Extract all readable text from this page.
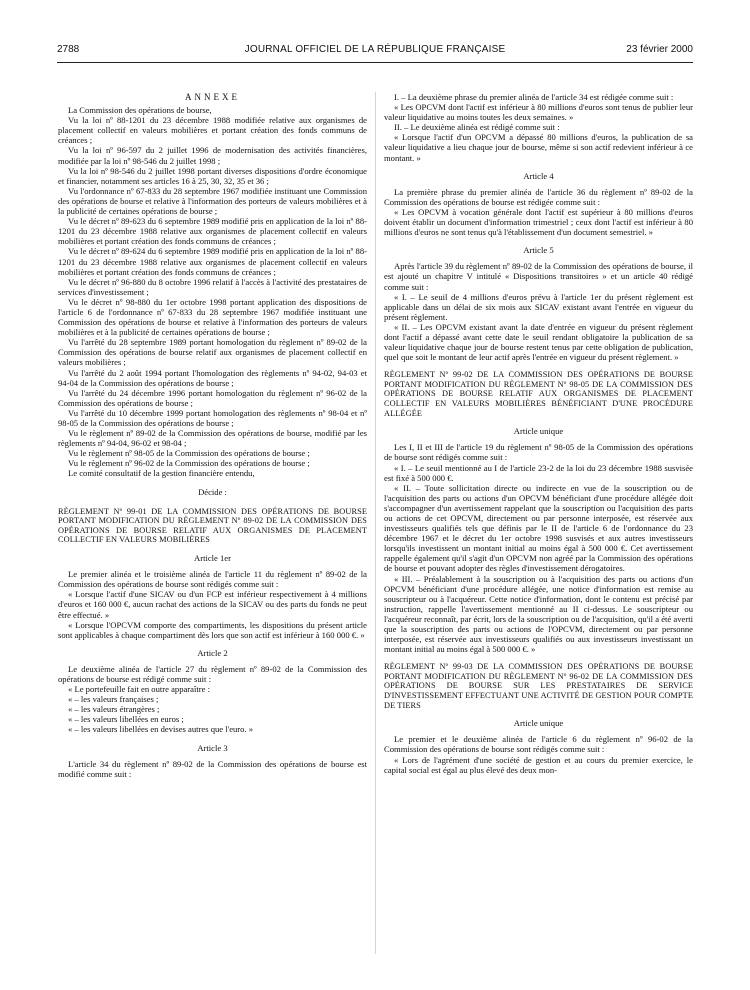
2788	JOURNAL OFFICIEL DE LA RÉPUBLIQUE FRANÇAISE	23 février 2000
ANNEXE

La Commission des opérations de bourse,

Vu la loi nº 88-1201 du 23 décembre 1988 modifiée relative aux organismes de placement collectif en valeurs mobilières et portant création des fonds communs de créances ;

Vu la loi nº 96-597 du 2 juillet 1996 de modernisation des activités financières, modifiée par la loi nº 98-546 du 2 juillet 1998 ;

Vu la loi nº 98-546 du 2 juillet 1998 portant diverses dispositions d'ordre économique et financier, notamment ses articles 16 à 25, 30, 32, 35 et 36 ;

Vu l'ordonnance nº 67-833 du 28 septembre 1967 modifiée instituant une Commission des opérations de bourse et relative à l'information des porteurs de valeurs mobilières et à la publicité de certaines opérations de bourse ;

Vu le décret nº 89-623 du 6 septembre 1989 modifié pris en application de la loi nº 88-1201 du 23 décembre 1988 relative aux organismes de placement collectif en valeurs mobilières et portant création des fonds communs de créances ;

Vu le décret nº 89-624 du 6 septembre 1989 modifié pris en application de la loi nº 88-1201 du 23 décembre 1988 relative aux organismes de placement collectif en valeurs mobilières et portant création des fonds communs de créances ;

Vu le décret nº 96-880 du 8 octobre 1996 relatif à l'accès à l'activité des prestataires de services d'investissement ;

Vu le décret nº 98-880 du 1er octobre 1998 portant application des dispositions de l'article 6 de l'ordonnance nº 67-833 du 28 septembre 1967 modifiée instituant une Commission des opérations de bourse et relative à l'information des porteurs de valeurs mobilières et à la publicité de certaines opérations de bourse ;

Vu l'arrêté du 28 septembre 1989 portant homologation du règlement nº 89-02 de la Commission des opérations de bourse relatif aux organismes de placement collectif en valeurs mobilières ;

Vu l'arrêté du 2 août 1994 portant l'homologation des règlements nº 94-02, 94-03 et 94-04 de la Commission des opérations de bourse ;

Vu l'arrêté du 24 décembre 1996 portant homologation du règlement nº 96-02 de la Commission des opérations de bourse ;

Vu l'arrêté du 10 décembre 1999 portant homologation des règlements nº 98-04 et nº 98-05 de la Commission des opérations de bourse ;

Vu le règlement nº 89-02 de la Commission des opérations de bourse, modifié par les règlements nº 94-04, 96-02 et 98-04 ;

Vu le règlement nº 98-05 de la Commission des opérations de bourse ;

Vu le règlement nº 96-02 de la Commission des opérations de bourse ;

Le comité consultatif de la gestion financière entendu,

Décide :
RÈGLEMENT Nº 99-01 DE LA COMMISSION DES OPÉRATIONS DE BOURSE PORTANT MODIFICATION DU RÈGLEMENT Nº 89-02 DE LA COMMISSION DES OPÉRATIONS DE BOURSE RELATIF AUX ORGANISMES DE PLACEMENT COLLECTIF EN VALEURS MOBILIÈRES
Article 1er

Le premier alinéa et le troisième alinéa de l'article 11 du règlement nº 89-02 de la Commission des opérations de bourse sont rédigés comme suit :

« Lorsque l'actif d'une SICAV ou d'un FCP est inférieur respectivement à 4 millions d'euros et 160 000 €, aucun rachat des actions de la SICAV ou des parts du fonds ne peut être effectué. »

« Lorsque l'OPCVM comporte des compartiments, les dispositions du présent article sont applicables à chaque compartiment dès lors que son actif est inférieur à 160 000 €. »

Article 2

Le deuxième alinéa de l'article 27 du règlement nº 89-02 de la Commission des opérations de bourse est rédigé comme suit :

« Le portefeuille fait en outre apparaître :

« – les valeurs françaises ;

« – les valeurs étrangères ;

« – les valeurs libellées en euros ;

« – les valeurs libellées en devises autres que l'euro. »

Article 3

L'article 34 du règlement nº 89-02 de la Commission des opérations de bourse est modifié comme suit :

I. – La deuxième phrase du premier alinéa de l'article 34 est rédigée comme suit :

« Les OPCVM dont l'actif est inférieur à 80 millions d'euros sont tenus de publier leur valeur liquidative au moins toutes les deux semaines. »

II. – Le deuxième alinéa est rédigé comme suit :

« Lorsque l'actif d'un OPCVM a dépassé 80 millions d'euros, la publication de sa valeur liquidative a lieu chaque jour de bourse, même si son actif redevient inférieur à ce montant. »

Article 4

La première phrase du premier alinéa de l'article 36 du règlement nº 89-02 de la Commission des opérations de bourse est rédigée comme suit :

« Les OPCVM à vocation générale dont l'actif est supérieur à 80 millions d'euros doivent établir un document d'information trimestriel ; ceux dont l'actif est inférieur à 80 millions d'euros ne sont tenus qu'à l'établissement d'un document semestriel. »

Article 5

Après l'article 39 du règlement nº 89-02 de la Commission des opérations de bourse, il est ajouté un chapitre V intitulé « Dispositions transitoires » et un article 40 rédigé comme suit :

« I. – Le seuil de 4 millions d'euros prévu à l'article 1er du présent règlement est applicable dans un délai de six mois aux SICAV existant avant l'entrée en vigueur du présent règlement.

« II. – Les OPCVM existant avant la date d'entrée en vigueur du présent règlement dont l'actif a dépassé avant cette date le seuil rendant obligatoire la publication de sa valeur liquidative chaque jour de bourse restent tenus par cette obligation de publication, quel que soit le montant de leur actif après l'entrée en vigueur du présent règlement. »

RÈGLEMENT Nº 99-02 DE LA COMMISSION DES OPÉRATIONS DE BOURSE PORTANT MODIFICATION DU RÈGLEMENT Nº 98-05 DE LA COMMISSION DES OPÉRATIONS DE BOURSE RELATIF AUX ORGANISMES DE PLACEMENT COLLECTIF EN VALEURS MOBILIÈRES BÉNÉFICIANT D'UNE PROCÉDURE ALLÉGÉE
Article unique

Les I, II et III de l'article 19 du règlement nº 98-05 de la Commission des opérations de bourse sont rédigés comme suit :

« I. – Le seuil mentionné au I de l'article 23-2 de la loi du 23 décembre 1988 susvisée est fixé à 500 000 €.

« II. – Toute sollicitation directe ou indirecte en vue de la souscription ou de l'acquisition des parts ou actions d'un OPCVM bénéficiant d'une procédure allégée doit s'accompagner d'un avertissement rappelant que la souscription ou l'acquisition des parts ou actions de cet OPCVM, directement ou par personne interposée, est réservée aux investisseurs qualifiés tels que définis par le II de l'article 6 de l'ordonnance du 23 décembre 1967 et le décret du 1er octobre 1998 susvisés et aux autres investisseurs lorsqu'ils investissent un montant initial au moins égal à 500 000 €. Cet avertissement rappelle également qu'il s'agit d'un OPCVM non agréé par la Commission des opérations de bourse et pouvant adopter des règles d'investissement dérogatoires.

« III. – Préalablement à la souscription ou à l'acquisition des parts ou actions d'un OPCVM bénéficiant d'une procédure allégée, une notice d'information est remise au souscripteur ou à l'acquéreur. Cette notice d'information, dont le contenu est précisé par instruction, rappelle l'avertissement mentionné au II ci-dessus. Le souscripteur ou l'acquéreur reconnaît, par écrit, lors de la souscription ou de l'acquisition, qu'il a été averti que la souscription des parts ou actions de l'OPCVM, directement ou par personne interposée, est réservée aux investisseurs qualifiés ou aux investisseurs investissant un montant initial au moins égal à 500 000 €. »

RÈGLEMENT Nº 99-03 DE LA COMMISSION DES OPÉRATIONS DE BOURSE PORTANT MODIFICATION DU RÈGLEMENT Nº 96-02 DE LA COMMISSION DES OPÉRATIONS DE BOURSE SUR LES PRESTATAIRES DE SERVICE D'INVESTISSEMENT EFFECTUANT UNE ACTIVITÉ DE GESTION POUR COMPTE DE TIERS
Article unique

Le premier et le deuxième alinéa de l'article 6 du règlement nº 96-02 de la Commission des opérations de bourse sont rédigés comme suit :

« Lors de l'agrément d'une société de gestion et au cours du premier exercice, le capital social est égal au plus élevé des deux mon-
